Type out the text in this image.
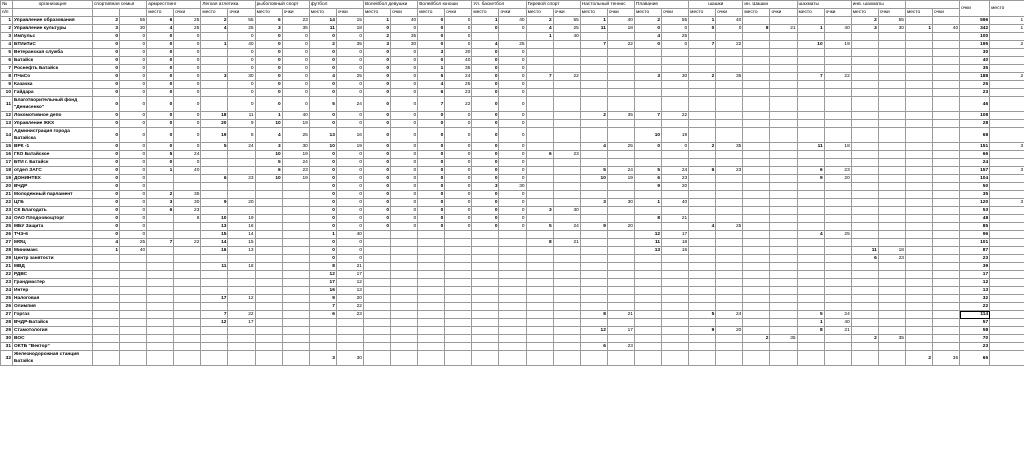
№	организация	спортивная семья		армрестлинг		Легкая атлетика		рыболовный спорт		футбол		Волейбол девушки		Волейбол юноши		Ул. баскетбол		Гиревой спорт		Настольный теннис		Плавание		шашки		ин. Шашки		шахматы		инв. шахматы				очки	место
п/п				место	очки	место	очки	место	очки	место	очки	место	очки	место	очки	место	очки	место	очки	место	очки	место	очки	место	очки	место	очки	место	очки	место	очки	место	очки		
1	Управление образования	2	55	6	25	2	55	6	23	14	15	1	40	0	0	1	40	2	55	1	40	2	55	1	40					2	55			596	1
2	Управление культуры	3	30	4	25	4	25	3	35	11	18	0	0	0	0	0	0	4	25	11	18	0	0	0	0	8	21	1	40	3	30	1	40	342	1
3	Импульс	0	0	0	0		0	0	0	0	0	2	35	0	0			1	40			4	25											100	
4	БТИиТиС	0	0	0	0	1	40	0	0	2	35	3	30	0	0	4	25			7	22	0	0	7	22			10	19					195	2
5	Ветеранская служба	0	0	0	0		0	0	0	0	0	0	0	3	30	0	0																	30	
6	Батайск	0	0	0	0		0	0	0	0	0	0	0	0	40	0	0																	40	
7	Роснефть Батайск	0	0	0	0		0	0	0	0	0	0	0	1	35	0	0																	35	
8	ПЧиСо	0	0	0	0	3	30	0	0	4	25	0	0	5	24	0	0	7	22			3	30	2	35			7	22					188	2
9	Казачка	0	0	0	0		0	0	0	0	0	0	0	4	25	0	0																	25	
10	Гайдара	0	0	0	0		0	0	0	0	0	0	0	6	23	0	0																	23	
11	Благотворительный фонд "Денисенко"	0	0	0	0		0	0	0	5	24	0	0	7	22	0	0																	46	
12	Локомотивное депо	0	0	0	0	18	11	1	40	0	0	0	0	0	0	0	0			2	35	7	22											108	
13	Управление ЖКХ	0	0	0	0	20	9	10	19	0	0	0	0	0	0	0	0																	28	
14	Администрация города Батайска	0	0	0	0	19	8	4	25	13	16	0	0	0	0	0	0					10	19											68	
15	ВРК -1	0	0	0	0	5	24	3	30	10	19	0	0	0	0	0	0			4	25	0	0	2	35			11	18					151	3
16	ГКО Батайское	0	0	5	24			10	19	0	0	0	0	0	0	0	0	6	23															66	
17	БТИ г. Батайск	0	0	0	0			5	24	0	0	0	0	0	0	0	0																	24	
18	отдел ЗАГС	0	0	1	40			6	23	0	0	0	0	0	0	0	0			5	24	5	24	6	23			6	23					157	3
19	ДОНИНТЕХ	0	0			6	23	10	19	0	0	0	0	0	0	0	0			10	19	6	23					9	20					104	
20	ВЧДР	0	0							0	0	0	0	0	0	3	30					9	20											50	
21	Молодежный парламент	0	0	2	35					0	0	0	0	0	0	0	0																	35	
22	ЦГБ	0	0	3	30	9	20			0	0	0	0	0	0	0	0			3	30	1	40											120	3
23	СК Благодать	0	0	6	23					0	0	0	0	0	0	0	0	3	30															53	
24	ОАО Плодоовощторг	0	0		8	10	19			0	0	0	0	0	0	0	0					8	21											48	
25	МБУ Защита	0	0			13	16			0	0	0	0	0	0	0	0	5	24	9	20			4	25									85	
26	ТЧЭ-6	0	0			15	14			1	40											12	17					4	25					96	
27	МФЦ	4	25	7	22	14	15			0	0							8	21			11	18											101	
28	Минимакс	1	40			16	13			0	0											13	16							11	18			87	
29	Центр занятости									0	0																			6	23			23	
21	МВД					11	18			8	21																							39	
22	РДВС									12	17																							17	
23	Грандмастер									17	12																							12	
24	Интер									16	13																							13	
25	Налоговая					17	12			9	20																							32	
26	Олимпия									7	22																							22	
27	Горгаз					7	22			6	23									8	21			5	24			5	24					114	
28	ВЧДР-Батайск					12	17																					1	40					57	
29	Стамотология																			12	17			9	20			8	21					58	
30	ВОС																									2	35			2	35			70	
31	ОКТБ "Вектор"																			6	23													23	
32	Железнодорожная станция Батайск									3	30																					2	35	65	
